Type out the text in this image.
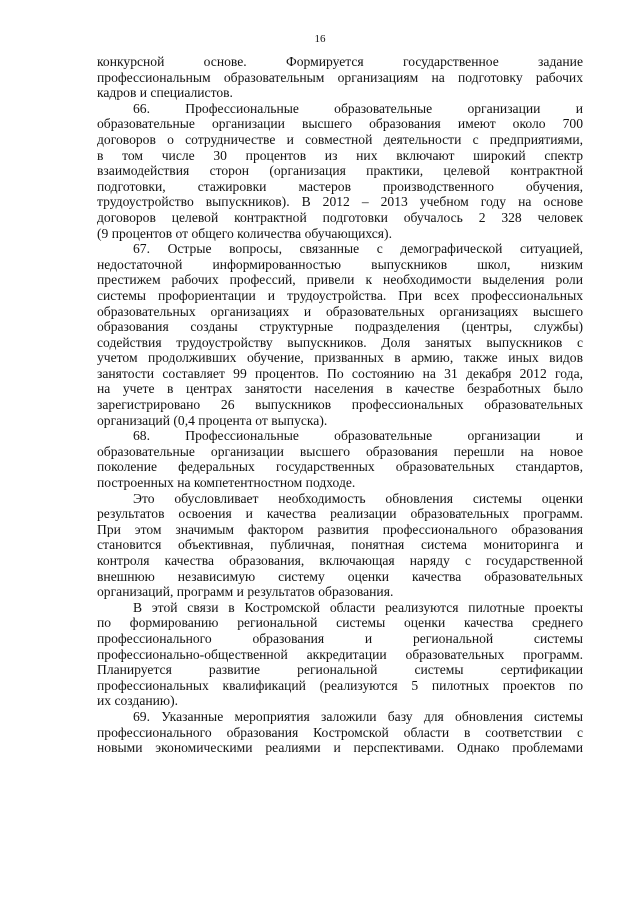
16
конкурсной основе. Формируется государственное задание
профессиональным образовательным организациям на подготовку рабочих
кадров и специалистов.
66. Профессиональные образовательные организации и
образовательные организации высшего образования имеют около 700
договоров о сотрудничестве и совместной деятельности с предприятиями,
в том числе 30 процентов из них включают широкий спектр
взаимодействия сторон (организация практики, целевой контрактной
подготовки, стажировки мастеров производственного обучения,
трудоустройство выпускников). В 2012 – 2013 учебном году на основе
договоров целевой контрактной подготовки обучалось 2 328 человек
(9 процентов от общего количества обучающихся).
67. Острые вопросы, связанные с демографической ситуацией,
недостаточной информированностью выпускников школ, низким
престижем рабочих профессий, привели к необходимости выделения роли
системы профориентации и трудоустройства. При всех профессиональных
образовательных организациях и образовательных организациях высшего
образования созданы структурные подразделения (центры, службы)
содействия трудоустройству выпускников. Доля занятых выпускников с
учетом продолживших обучение, призванных в армию, также иных видов
занятости составляет 99 процентов. По состоянию на 31 декабря 2012 года,
на учете в центрах занятости населения в качестве безработных было
зарегистрировано 26 выпускников профессиональных образовательных
организаций (0,4 процента от выпуска).
68. Профессиональные образовательные организации и
образовательные организации высшего образования перешли на новое
поколение федеральных государственных образовательных стандартов,
построенных на компетентностном подходе.
Это обусловливает необходимость обновления системы оценки
результатов освоения и качества реализации образовательных программ.
При этом значимым фактором развития профессионального образования
становится объективная, публичная, понятная система мониторинга и
контроля качества образования, включающая наряду с государственной
внешнюю независимую систему оценки качества образовательных
организаций, программ и результатов образования.
В этой связи в Костромской области реализуются пилотные проекты
по формированию региональной системы оценки качества среднего
профессионального образования и региональной системы
профессионально-общественной аккредитации образовательных программ.
Планируется развитие региональной системы сертификации
профессиональных квалификаций (реализуются 5 пилотных проектов по
их созданию).
69. Указанные мероприятия заложили базу для обновления системы
профессионального образования Костромской области в соответствии с
новыми экономическими реалиями и перспективами. Однако проблемами
